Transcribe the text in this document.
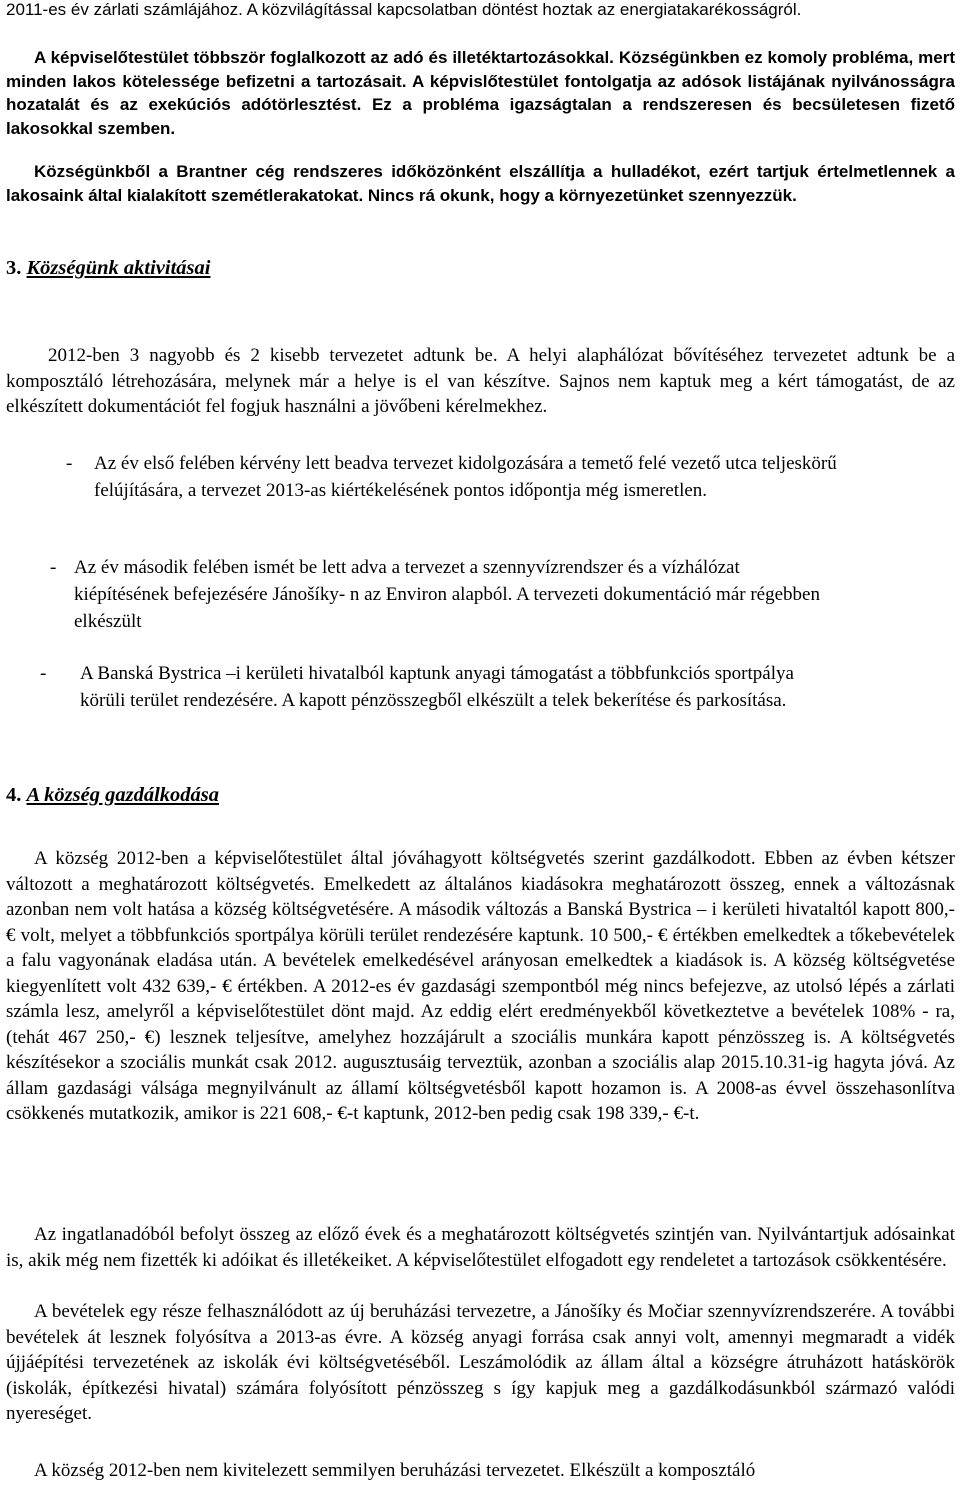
2011-es év zárlati számlájához. A közvilágítással kapcsolatban döntést hoztak az energiatakarékosságról.

A képviselőtestület többször foglalkozott az adó és illetéktartozásokkal. Községünkben ez komoly probléma, mert minden lakos kötelessége befizetni a tartozásait. A képvislőtestület fontolgatja az adósok listájának nyilvánosságra hozatalát és az exekúciós adótörlesztést. Ez a probléma igazságtalan a rendszeresen és becsületesen fizető lakosokkal szemben.

Községünkből a Brantner cég rendszeres időközönként elszállítja a hulladékot, ezért tartjuk értelmetlennek a lakosaink által kialakított szemétlerakatokat. Nincs rá okunk, hogy a környezetünket szennyezzük.

3. Községünk aktivitásai

2012-ben 3 nagyobb és 2 kisebb tervezetet adtunk be. A helyi alaphálózat bővítéséhez tervezetet adtunk be a komposztáló létrehozására, melynek már a helye is el van készítve. Sajnos nem kaptuk meg a kért támogatást, de az elkészített dokumentációt fel fogjuk használni a jövőbeni kérelmekhez.

- Az év első felében kérvény lett beadva tervezet kidolgozására a temető felé vezető utca teljeskörű felújítására, a tervezet 2013-as kiértékelésének pontos időpontja még ismeretlen.
- Az év második felében ismét be lett adva a tervezet a szennyvízrendszer és a vízhálózat kiépítésének befejezésére Jánošíky- n az Environ alapból. A tervezeti dokumentáció már régebben elkészült
- A Banská Bystrica –i kerületi hivatalból kaptunk anyagi támogatást a többfunkciós sportpálya körüli terület rendezésére. A kapott pénzösszegből elkészült a telek bekerítése és parkosítása.
4. A község gazdálkodása

A község 2012-ben a képviselőtestület által jóváhagyott költségvetés szerint gazdálkodott. Ebben az évben kétszer változott a meghatározott költségvetés. Emelkedett az általános kiadásokra meghatározott összeg, ennek a változásnak azonban nem volt hatása a község költségvetésére. A második változás a Banská Bystrica – i kerületi hivataltól kapott 800,- € volt, melyet a többfunkciós sportpálya körüli terület rendezésére kaptunk. 10 500,- € értékben emelkedtek a tőkebevételek a falu vagyonának eladása után. A bevételek emelkedésével arányosan emelkedtek a kiadások is. A község költségvetése kiegyenlített volt 432 639,- € értékben. A 2012-es év gazdasági szempontból még nincs befejezve, az utolsó lépés a zárlati számla lesz, amelyről a képviselőtestület dönt majd. Az eddig elért eredményekből következtetve a bevételek 108% - ra, (tehát 467 250,- €) lesznek teljesítve, amelyhez hozzájárult a szociális munkára kapott pénzösszeg is. A költségvetés készítésekor a szociális munkát csak 2012. augusztusáig terveztük, azonban a szociális alap 2015.10.31-ig hagyta jóvá. Az állam gazdasági válsága megnyilvánult az államí költségvetésből kapott hozamon is. A 2008-as évvel összehasonlítva csökkenés mutatkozik, amikor is 221 608,- €-t kaptunk, 2012-ben pedig csak 198 339,- €-t.

Az ingatlanadóból befolyt összeg az előző évek és a meghatározott költségvetés szintjén van. Nyilvántartjuk adósainkat is, akik még nem fizették ki adóikat és illetékeiket. A képviselőtestület elfogadott egy rendeletet a tartozások csökkentésére.

A bevételek egy része felhasználódott az új beruházási tervezetre, a Jánošíky és Močiar szennyvízrendszerére. A további bevételek át lesznek folyósítva a 2013-as évre. A község anyagi forrása csak annyi volt, amennyi megmaradt a vidék újjáépítési tervezetének az iskolák évi költségvetéséből. Leszámolódik az állam által a községre átruházott hatáskörök (iskolák, építkezési hivatal) számára folyósított pénzösszeg s így kapjuk meg a gazdálkodásunkból származó valódi nyereséget.

A község 2012-ben nem kivitelezett semmilyen beruházási tervezetet. Elkészült a komposztáló
